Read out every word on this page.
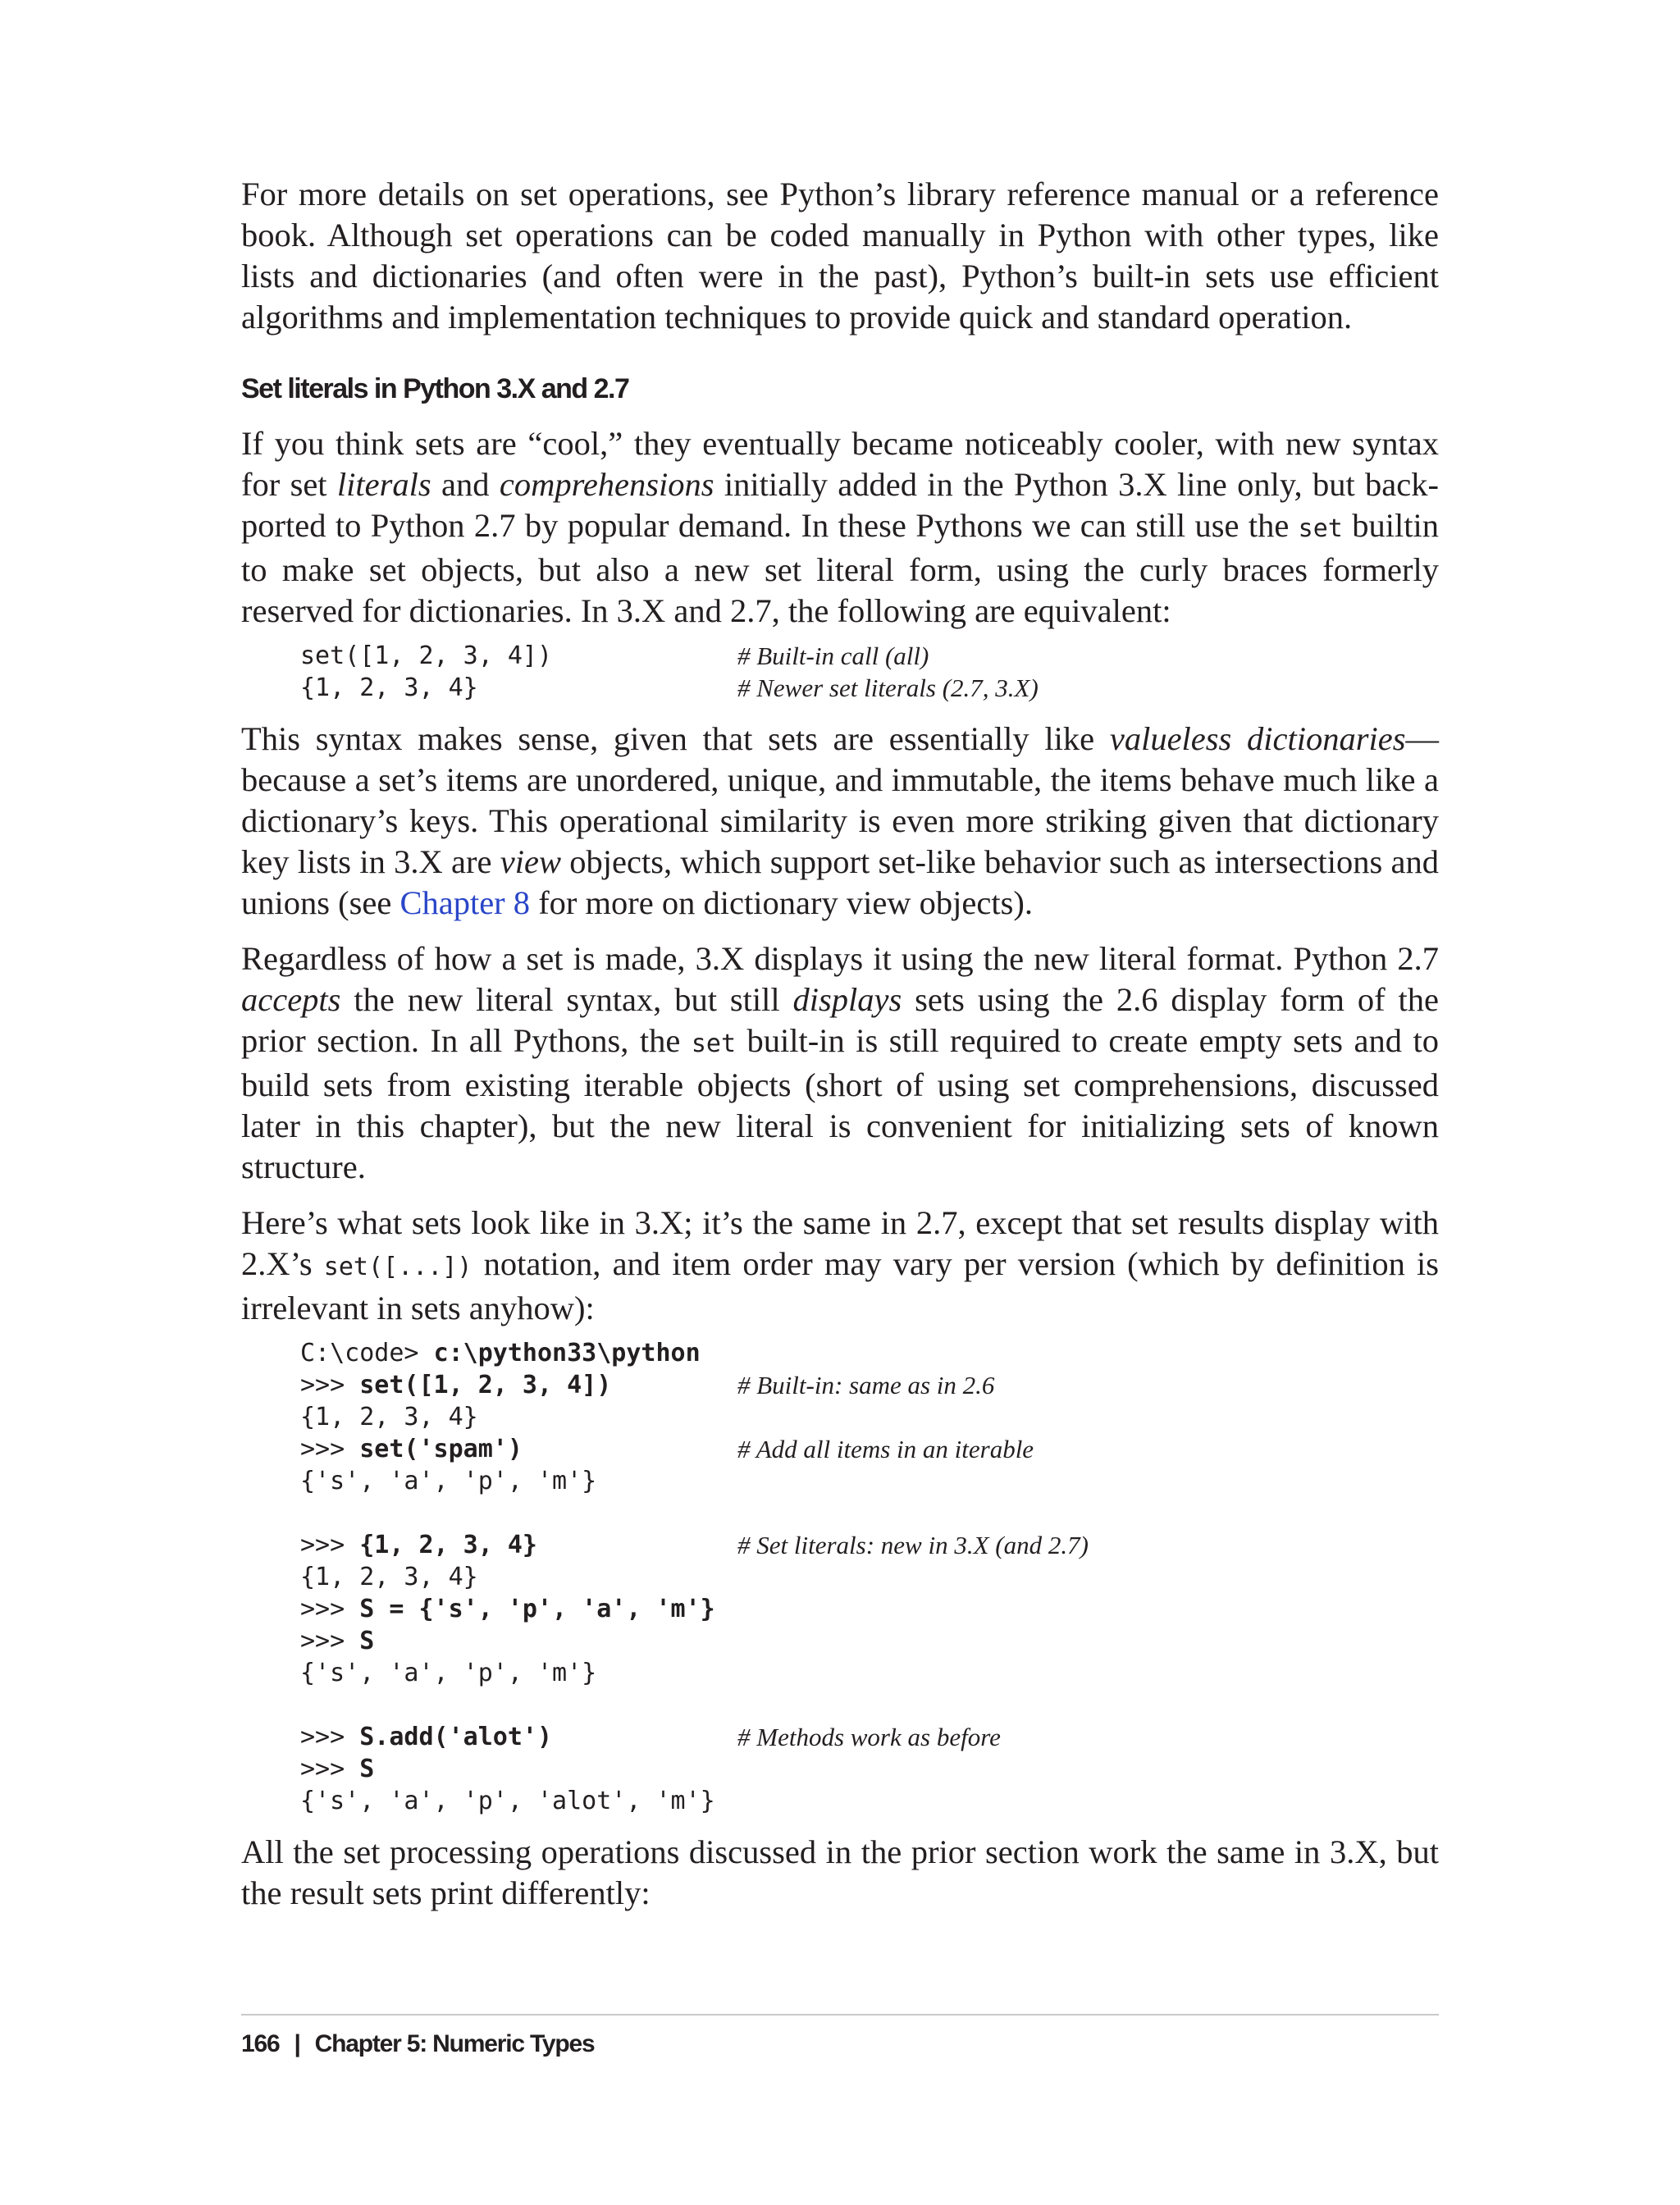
For more details on set operations, see Python’s library reference manual or a reference book. Although set operations can be coded manually in Python with other types, like lists and dictionaries (and often were in the past), Python’s built-in sets use efficient algorithms and implementation techniques to provide quick and standard operation.

Set literals in Python 3.X and 2.7

If you think sets are “cool,” they eventually became noticeably cooler, with new syntax for set literals and comprehensions initially added in the Python 3.X line only, but backported to Python 2.7 by popular demand. In these Pythons we can still use the set builtin to make set objects, but also a new set literal form, using the curly braces formerly reserved for dictionaries. In 3.X and 2.7, the following are equivalent:

set([1, 2, 3, 4])	# Built-in call (all)
{1, 2, 3, 4}	# Newer set literals (2.7, 3.X)

This syntax makes sense, given that sets are essentially like valueless dictionaries— because a set’s items are unordered, unique, and immutable, the items behave much like a dictionary’s keys. This operational similarity is even more striking given that dictionary key lists in 3.X are view objects, which support set-like behavior such as intersections and unions (see Chapter 8 for more on dictionary view objects).

Regardless of how a set is made, 3.X displays it using the new literal format. Python 2.7 accepts the new literal syntax, but still displays sets using the 2.6 display form of the prior section. In all Pythons, the set built-in is still required to create empty sets and to build sets from existing iterable objects (short of using set comprehensions, discussed later in this chapter), but the new literal is convenient for initializing sets of known structure.

Here’s what sets look like in 3.X; it’s the same in 2.7, except that set results display with 2.X’s set([...]) notation, and item order may vary per version (which by definition is irrelevant in sets anyhow):

C:\code> c:\python33\python
>>> set([1, 2, 3, 4])	# Built-in: same as in 2.6
{1, 2, 3, 4}
>>> set('spam')	# Add all items in an iterable
{'s', 'a', 'p', 'm'}
>>> {1, 2, 3, 4}	# Set literals: new in 3.X (and 2.7)
{1, 2, 3, 4}
>>> S = {'s', 'p', 'a', 'm'}
>>> S
{'s', 'a', 'p', 'm'}
>>> S.add('alot')	# Methods work as before
>>> S
{'s', 'a', 'p', 'alot', 'm'}

All the set processing operations discussed in the prior section work the same in 3.X, but the result sets print differently:

166 | Chapter 5: Numeric Types
